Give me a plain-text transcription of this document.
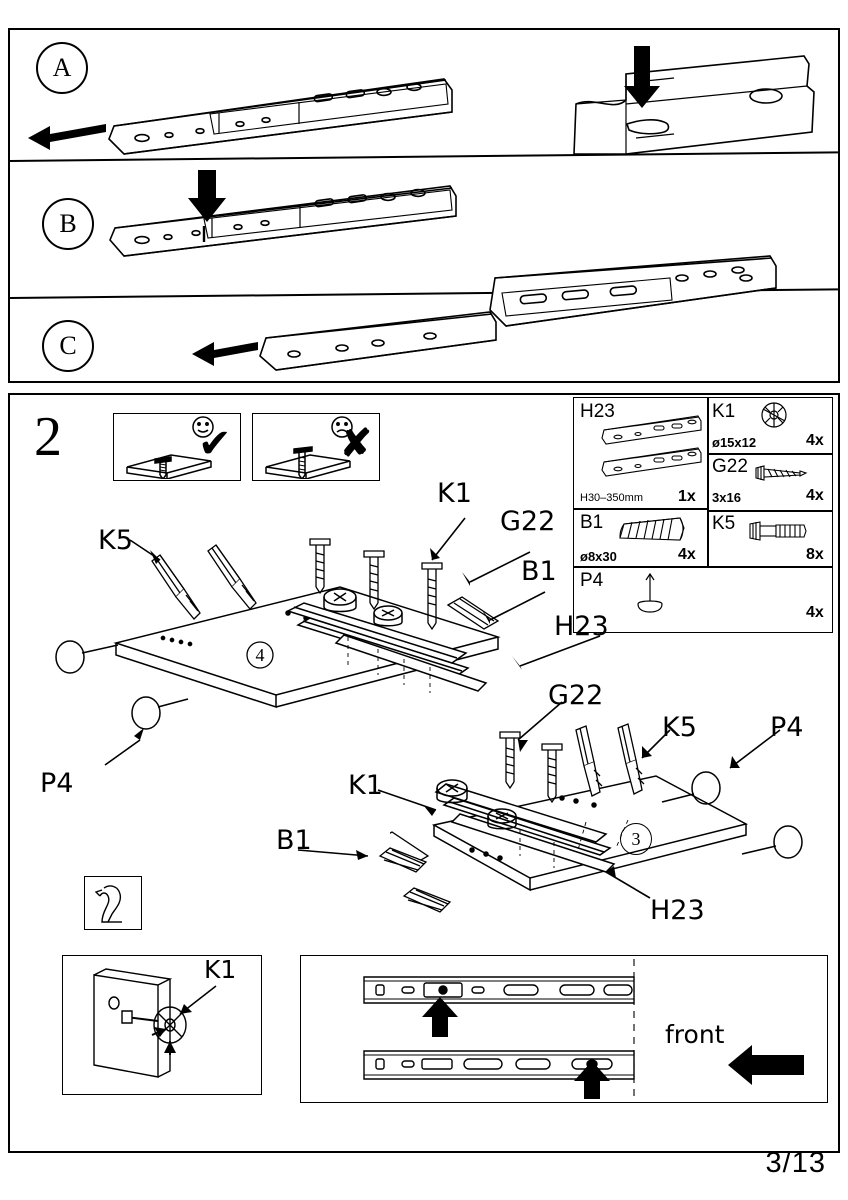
A
B
C
2	✔	✘
H23
H30–350mm 1x
K1
ø15x12	4x
G22
3x16	4x
B1
ø8x30	4x
K5
8x
P4
4x
4
K5
K1
G22
B1
H23
P4
3
K1
G22
K5	P4
B1
H23
K1
front
3/13
